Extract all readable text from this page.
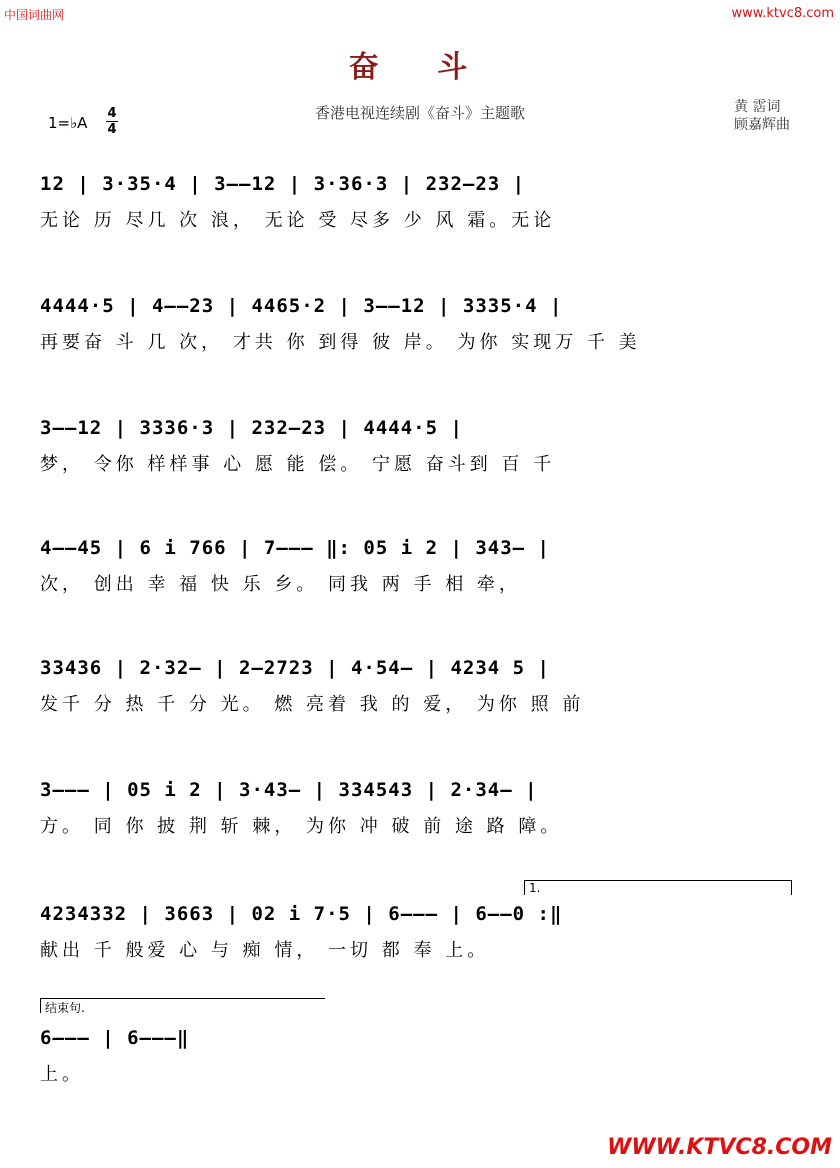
中国词曲网	www.ktvc8.com
奋 斗
香港电视连续剧《奋斗》主题歌	黄 霑词
顾嘉辉曲
1=♭A
4
4
12 | 3·35·4 | 3——12 | 3·36·3 | 232—23 |
无论 历 尽几 次 浪， 无论 受 尽多 少 风 霜。无论
4444·5 | 4——23 | 4465·2 | 3——12 | 3335·4 |
再要奋 斗 几 次， 才共 你 到得 彼 岸。 为你 实现万 千 美
3——12 | 3336·3 | 232—23 | 4444·5 |
梦， 令你 样样事 心 愿 能 偿。 宁愿 奋斗到 百 千
4——45 | 6 i 766 | 7——— ‖: 05 i 2 | 343— |
次， 创出 幸 福 快 乐 乡。 同我 两 手 相 牵，
33436 | 2·32— | 2—2723 | 4·54— | 4234 5 |
发千 分 热 千 分 光。 燃 亮着 我 的 爱， 为你 照 前
3——— | 05 i 2 | 3·43— | 334543 | 2·34— |
方。 同 你 披 荆 斩 棘， 为你 冲 破 前 途 路 障。
1.
4234332 | 3663 | 02 i 7·5 | 6——— | 6——0 :‖
献出 千 般爱 心 与 痴 情， 一切 都 奉 上。
结束句.
6——— | 6———‖
上。
WWW.KTVC8.COM
